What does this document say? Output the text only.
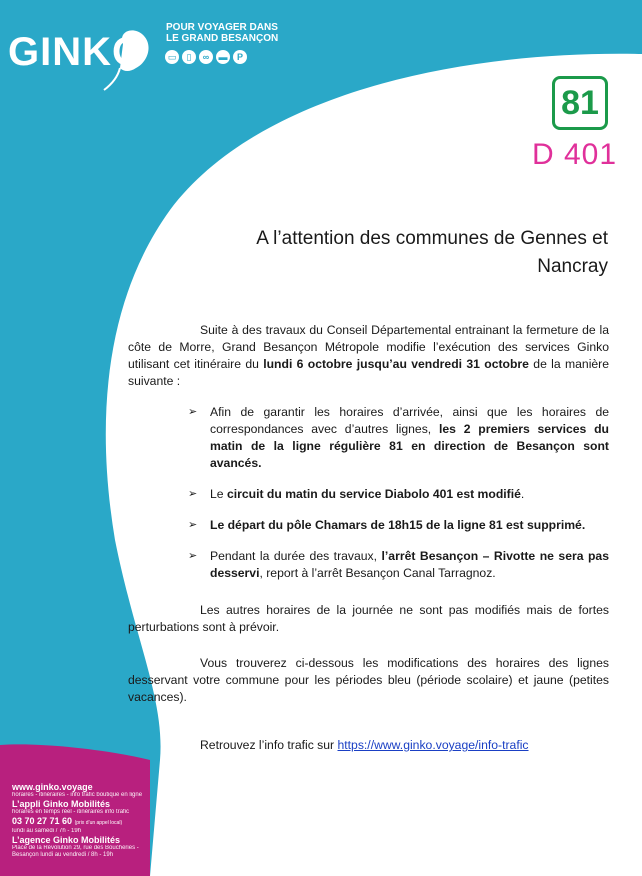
GINKO
POUR VOYAGER DANS
LE GRAND BESANÇON
▭	▯	∞	▬	P
81
D 401
A l’attention des communes de Gennes et Nancray

Suite à des travaux du Conseil Départemental entrainant la fermeture de la côte de Morre, Grand Besançon Métropole modifie l’exécution des services Ginko utilisant cet itinéraire du lundi 6 octobre jusqu’au vendredi 31 octobre de la manière suivante :

➢ Afin de garantir les horaires d’arrivée, ainsi que les horaires de correspondances avec d’autres lignes, les 2 premiers services du matin de la ligne régulière 81 en direction de Besançon sont avancés.
➢ Le circuit du matin du service Diabolo 401 est modifié.
➢ Le départ du pôle Chamars de 18h15 de la ligne 81 est supprimé.
➢ Pendant la durée des travaux, l’arrêt Besançon – Rivotte ne sera pas desservi, report à l’arrêt Besançon Canal Tarragnoz.

Les autres horaires de la journée ne sont pas modifiés mais de fortes perturbations sont à prévoir.

Vous trouverez ci-dessous les modifications des horaires des lignes desservant votre commune pour les périodes bleu (période scolaire) et jaune (petites vacances).

Retrouvez l’info trafic sur https://www.ginko.voyage/info-trafic

www.ginko.voyage
horaires - itinéraires - info trafic boutique en ligne
L’appli Ginko Mobilités
horaires en temps réel - itinéraires info trafic
03 70 27 71 60 (prix d’un appel local)
lundi au samedi / 7h - 19h
L’agence Ginko Mobilités
Place de la Révolution 29, rue des Boucheries - Besançon lundi au vendredi / 8h - 19h
